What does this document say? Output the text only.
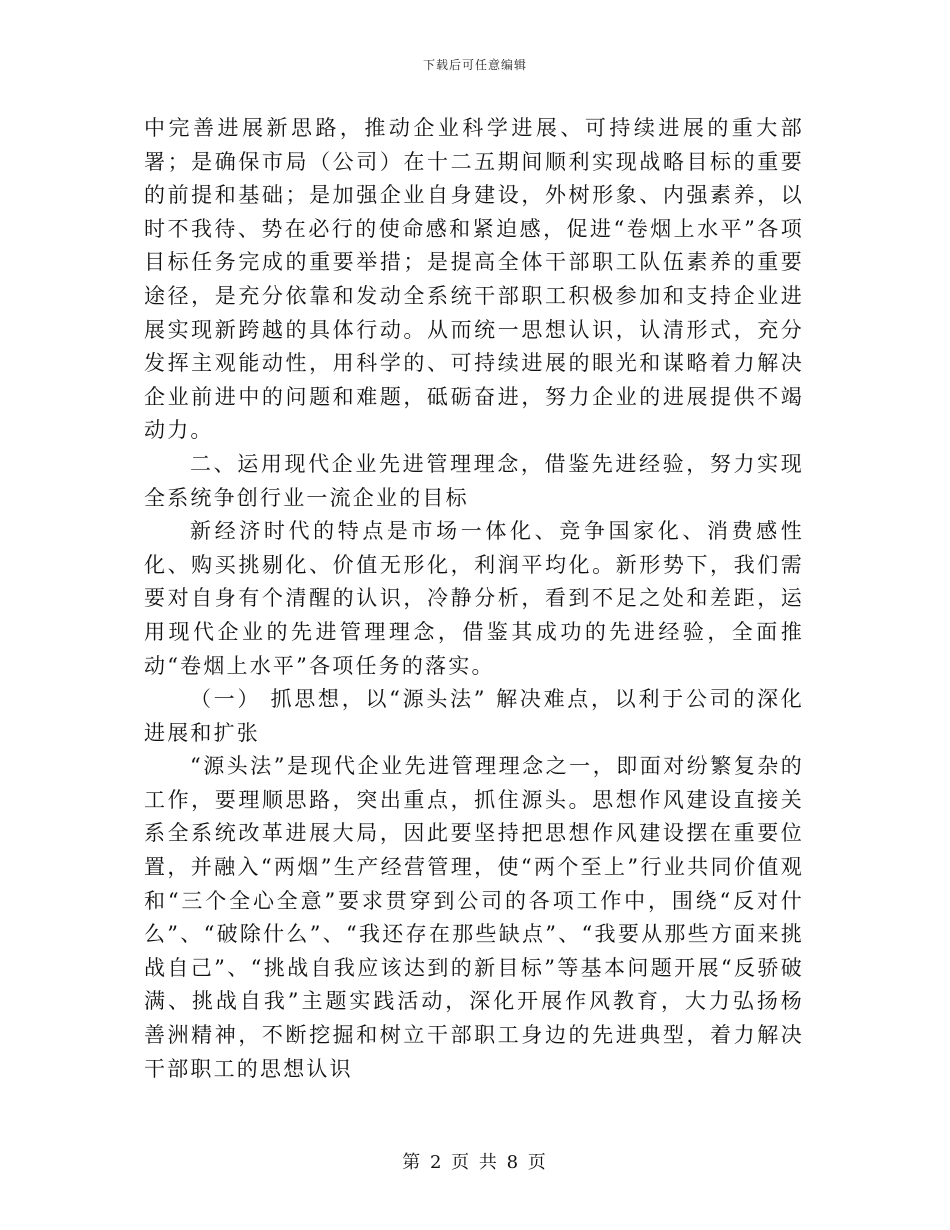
下载后可任意编辑

中完善进展新思路，推动企业科学进展、可持续进展的重大部署；是确保市局（公司）在十二五期间顺利实现战略目标的重要的前提和基础；是加强企业自身建设，外树形象、内强素养，以时不我待、势在必行的使命感和紧迫感，促进“卷烟上水平”各项目标任务完成的重要举措；是提高全体干部职工队伍素养的重要途径，是充分依靠和发动全系统干部职工积极参加和支持企业进展实现新跨越的具体行动。从而统一思想认识，认清形式，充分发挥主观能动性，用科学的、可持续进展的眼光和谋略着力解决企业前进中的问题和难题，砥砺奋进，努力企业的进展提供不竭动力。

二、运用现代企业先进管理理念，借鉴先进经验，努力实现全系统争创行业一流企业的目标

新经济时代的特点是市场一体化、竞争国家化、消费感性化、购买挑剔化、价值无形化，利润平均化。新形势下，我们需要对自身有个清醒的认识，冷静分析，看到不足之处和差距，运用现代企业的先进管理理念，借鉴其成功的先进经验，全面推动“卷烟上水平”各项任务的落实。

（一） 抓思想，以“源头法” 解决难点，以利于公司的深化进展和扩张

“源头法”是现代企业先进管理理念之一，即面对纷繁复杂的工作，要理顺思路，突出重点，抓住源头。思想作风建设直接关系全系统改革进展大局，因此要坚持把思想作风建设摆在重要位置，并融入“两烟”生产经营管理，使“两个至上”行业共同价值观和“三个全心全意”要求贯穿到公司的各项工作中，围绕“反对什么”、“破除什么”、“我还存在那些缺点”、“我要从那些方面来挑战自己”、“挑战自我应该达到的新目标”等基本问题开展“反骄破满、挑战自我”主题实践活动，深化开展作风教育，大力弘扬杨善洲精神，不断挖掘和树立干部职工身边的先进典型，着力解决干部职工的思想认识

第 2 页 共 8 页
